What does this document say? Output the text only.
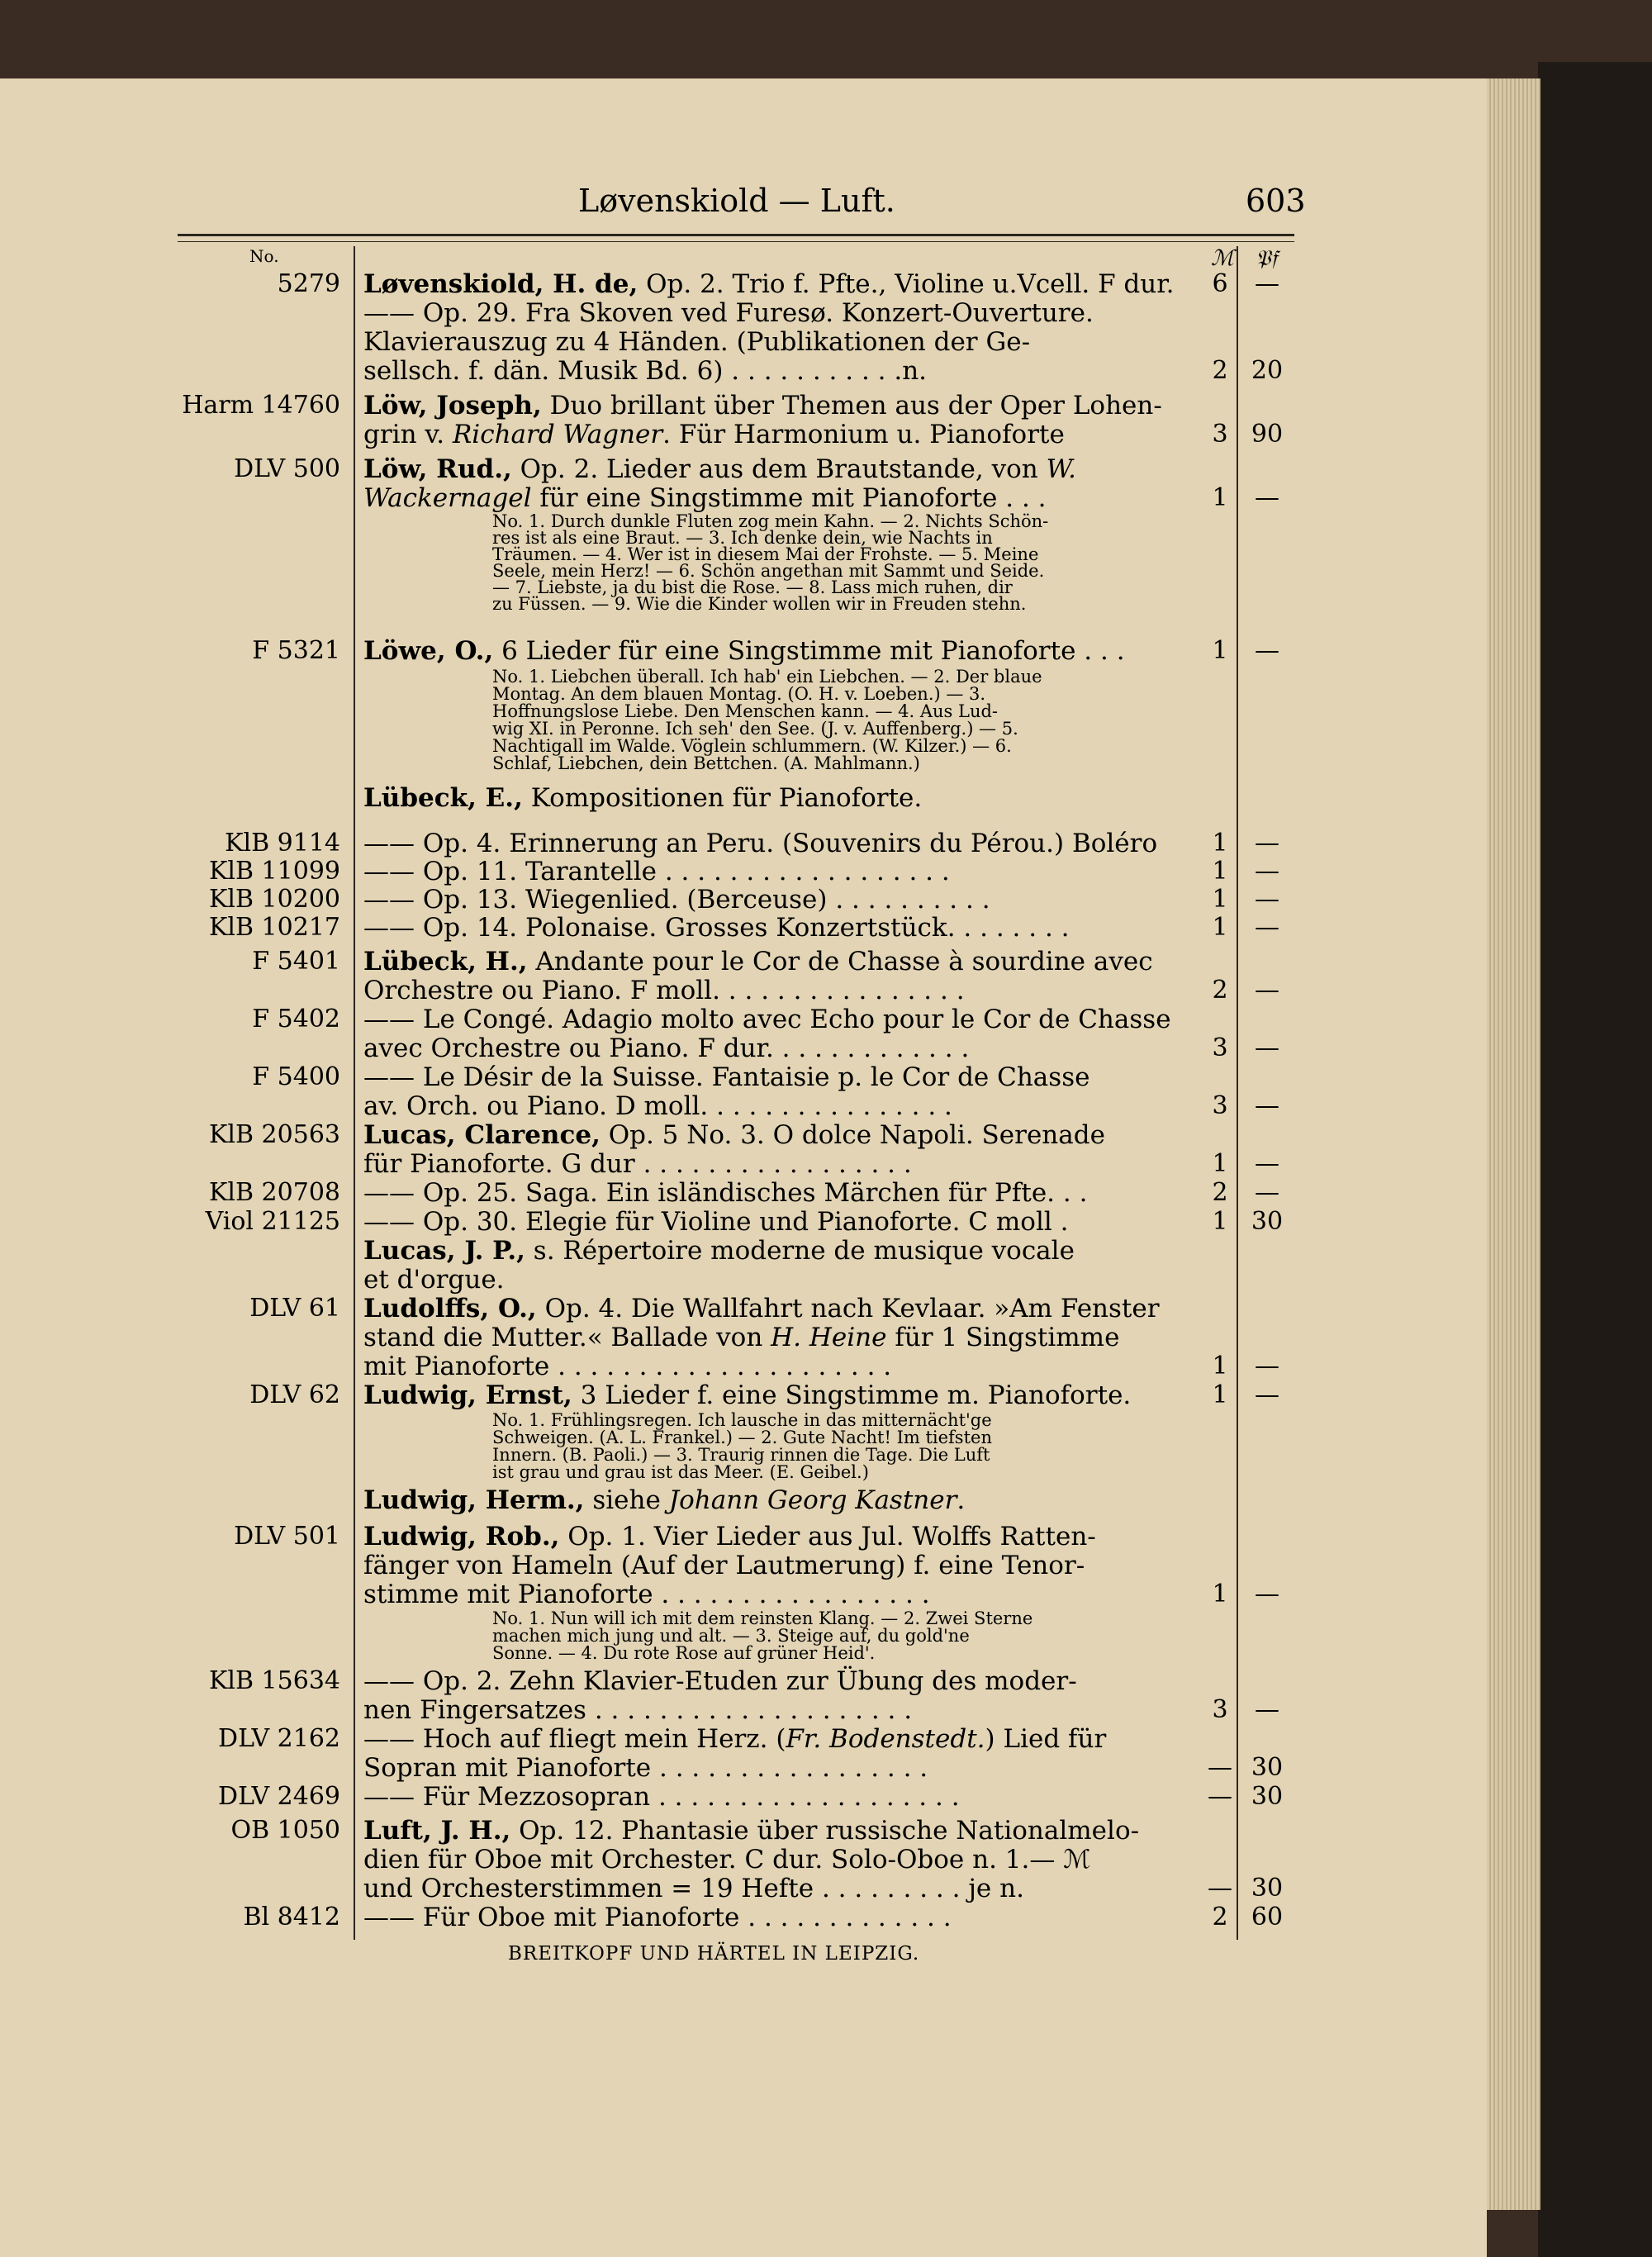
Løvenskiold — Luft.	603
No.	ℳ 𝔓𝔣
5279 Løvenskiold, H. de, Op. 2. Trio f. Pfte., Violine u.Vcell. F dur. 6	—
—— Op. 29. Fra Skoven ved Furesø. Konzert-Ouverture.
Klavierauszug zu 4 Händen. (Publikationen der Ge-
sellsch. f. dän. Musik Bd. 6) . . . . . . . . . . .n.	2 20
Harm 14760 Löw, Joseph, Duo brillant über Themen aus der Oper Lohen-
grin v. Richard Wagner. Für Harmonium u. Pianoforte	3 90
DLV 500 Löw, Rud., Op. 2. Lieder aus dem Brautstande, von W.
Wackernagel für eine Singstimme mit Pianoforte . . .	1	—
No. 1. Durch dunkle Fluten zog mein Kahn. — 2. Nichts Schön-
res ist als eine Braut. — 3. Ich denke dein, wie Nachts in
Träumen. — 4. Wer ist in diesem Mai der Frohste. — 5. Meine
Seele, mein Herz! — 6. Schön angethan mit Sammt und Seide.
— 7. Liebste, ja du bist die Rose. — 8. Lass mich ruhen, dir
zu Füssen. — 9. Wie die Kinder wollen wir in Freuden stehn.
F 5321 Löwe, O., 6 Lieder für eine Singstimme mit Pianoforte . . .	1	—
No. 1. Liebchen überall. Ich hab' ein Liebchen. — 2. Der blaue
Montag. An dem blauen Montag. (O. H. v. Loeben.) — 3.
Hoffnungslose Liebe. Den Menschen kann. — 4. Aus Lud-
wig XI. in Peronne. Ich seh' den See. (J. v. Auffenberg.) — 5.
Nachtigall im Walde. Vöglein schlummern. (W. Kilzer.) — 6.
Schlaf, Liebchen, dein Bettchen. (A. Mahlmann.)
Lübeck, E., Kompositionen für Pianoforte.
KlB 9114 —— Op. 4. Erinnerung an Peru. (Souvenirs du Pérou.) Boléro 1	—
KlB 11099 —— Op. 11. Tarantelle . . . . . . . . . . . . . . . . . .	1	—
KlB 10200 —— Op. 13. Wiegenlied. (Berceuse) . . . . . . . . . .	1	—
KlB 10217 —— Op. 14. Polonaise. Grosses Konzertstück. . . . . . . .	1	—
F 5401 Lübeck, H., Andante pour le Cor de Chasse à sourdine avec
Orchestre ou Piano. F moll. . . . . . . . . . . . . . . .	2	—
F 5402 —— Le Congé. Adagio molto avec Echo pour le Cor de Chasse
avec Orchestre ou Piano. F dur. . . . . . . . . . . . .	3	—
F 5400 —— Le Désir de la Suisse. Fantaisie p. le Cor de Chasse
av. Orch. ou Piano. D moll. . . . . . . . . . . . . . . .	3	—
KlB 20563 Lucas, Clarence, Op. 5 No. 3. O dolce Napoli. Serenade
für Pianoforte. G dur . . . . . . . . . . . . . . . . .	1	—
KlB 20708 —— Op. 25. Saga. Ein isländisches Märchen für Pfte. . .	2	—
Viol 21125 —— Op. 30. Elegie für Violine und Pianoforte. C moll .	1 30
Lucas, J. P., s. Répertoire moderne de musique vocale
et d'orgue.
DLV 61 Ludolffs, O., Op. 4. Die Wallfahrt nach Kevlaar. »Am Fenster
stand die Mutter.« Ballade von H. Heine für 1 Singstimme
mit Pianoforte . . . . . . . . . . . . . . . . . . . . .	1	—
DLV 62 Ludwig, Ernst, 3 Lieder f. eine Singstimme m. Pianoforte.	1	—
No. 1. Frühlingsregen. Ich lausche in das mitternächt'ge
Schweigen. (A. L. Frankel.) — 2. Gute Nacht! Im tiefsten
Innern. (B. Paoli.) — 3. Traurig rinnen die Tage. Die Luft
ist grau und grau ist das Meer. (E. Geibel.)
Ludwig, Herm., siehe Johann Georg Kastner.
DLV 501 Ludwig, Rob., Op. 1. Vier Lieder aus Jul. Wolffs Ratten-
fänger von Hameln (Auf der Lautmerung) f. eine Tenor-
stimme mit Pianoforte . . . . . . . . . . . . . . . . .	1	—
No. 1. Nun will ich mit dem reinsten Klang. — 2. Zwei Sterne
machen mich jung und alt. — 3. Steige auf, du gold'ne
Sonne. — 4. Du rote Rose auf grüner Heid'.
KlB 15634 —— Op. 2. Zehn Klavier-Etuden zur Übung des moder-
nen Fingersatzes . . . . . . . . . . . . . . . . . . . .	3	—
DLV 2162 —— Hoch auf fliegt mein Herz. (Fr. Bodenstedt.) Lied für
Sopran mit Pianoforte . . . . . . . . . . . . . . . . .	— 30
DLV 2469 —— Für Mezzosopran . . . . . . . . . . . . . . . . . . .	— 30
OB 1050 Luft, J. H., Op. 12. Phantasie über russische Nationalmelo-
dien für Oboe mit Orchester. C dur. Solo-Oboe n. 1.— ℳ
und Orchesterstimmen = 19 Hefte . . . . . . . . . je n.	— 30
Bl 8412 —— Für Oboe mit Pianoforte . . . . . . . . . . . . .	2 60
BREITKOPF UND HÄRTEL IN LEIPZIG.
